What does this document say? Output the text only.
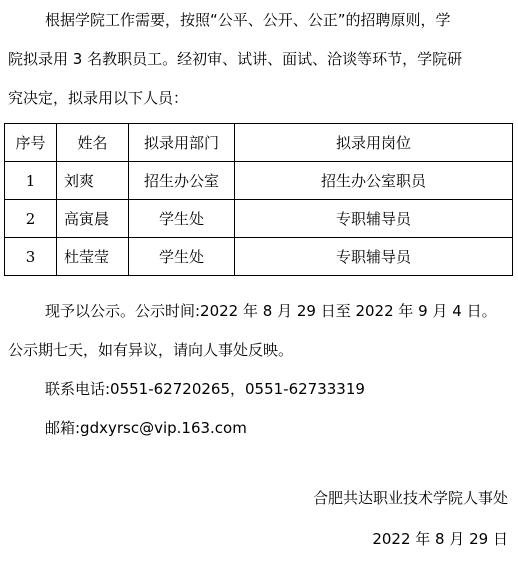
根据学院工作需要，按照“公平、公开、公正”的招聘原则，学
院拟录用 3 名教职员工。经初审、试讲、面试、洽谈等环节，学院研
究决定，拟录用以下人员：
序号	姓名	拟录用部门	拟录用岗位
1	刘爽	招生办公室	招生办公室职员
2	高寅晨	学生处	专职辅导员
3	杜莹莹	学生处	专职辅导员
现予以公示。公示时间:2022 年 8 月 29 日至 2022 年 9 月 4 日。
公示期七天，如有异议，请向人事处反映。
联系电话:0551-62720265，0551-62733319
邮箱:gdxyrsc@vip.163.com
合肥共达职业技术学院人事处
2022 年 8 月 29 日
